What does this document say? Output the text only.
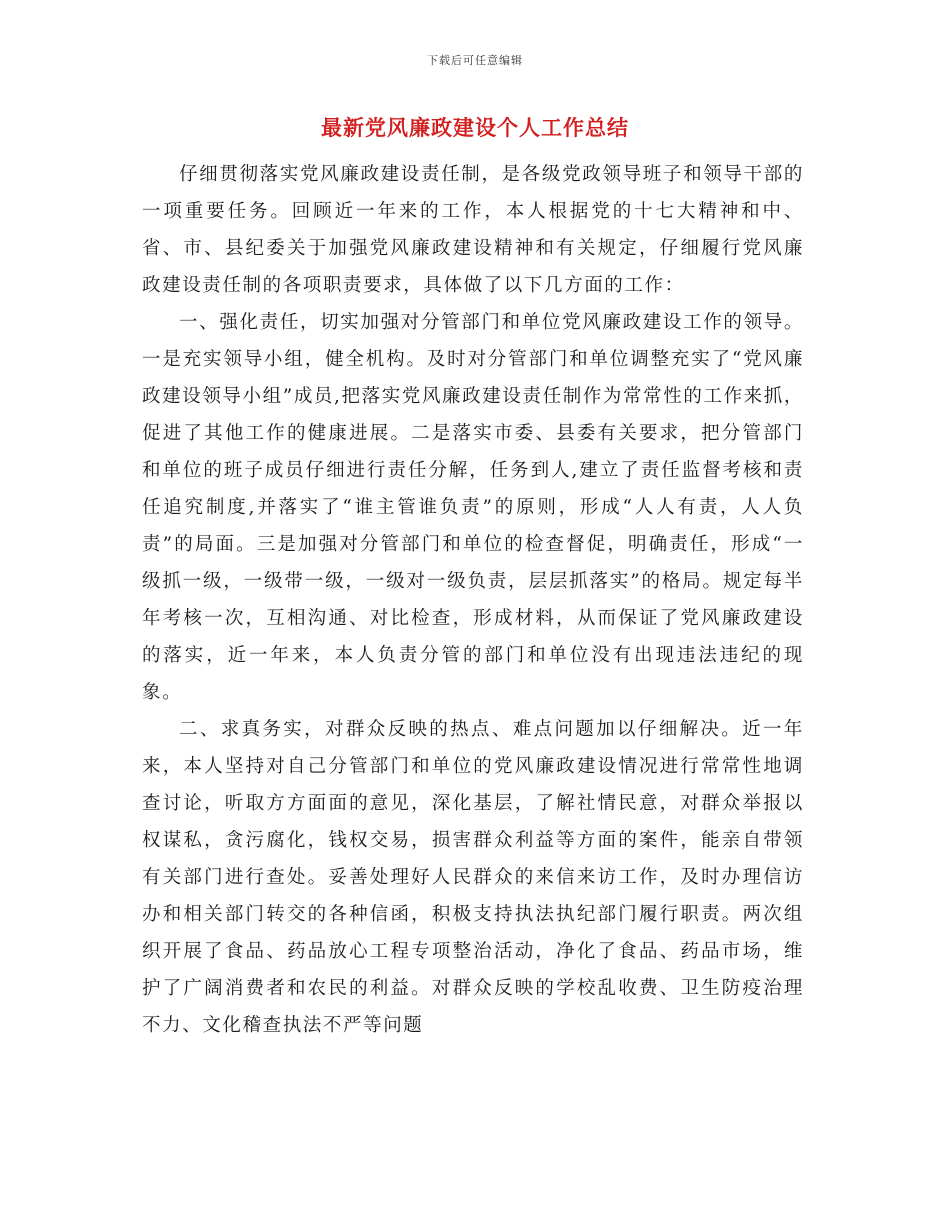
下载后可任意编辑
最新党风廉政建设个人工作总结

仔细贯彻落实党风廉政建设责任制，是各级党政领导班子和领导干部的一项重要任务。回顾近一年来的工作，本人根据党的十七大精神和中、省、市、县纪委关于加强党风廉政建设精神和有关规定，仔细履行党风廉政建设责任制的各项职责要求，具体做了以下几方面的工作：

一、强化责任，切实加强对分管部门和单位党风廉政建设工作的领导。一是充实领导小组，健全机构。及时对分管部门和单位调整充实了“党风廉政建设领导小组”成员,把落实党风廉政建设责任制作为常常性的工作来抓，促进了其他工作的健康进展。二是落实市委、县委有关要求，把分管部门和单位的班子成员仔细进行责任分解，任务到人,建立了责任监督考核和责任追究制度,并落实了“谁主管谁负责”的原则，形成“人人有责，人人负责”的局面。三是加强对分管部门和单位的检查督促，明确责任，形成“一级抓一级，一级带一级，一级对一级负责，层层抓落实”的格局。规定每半年考核一次，互相沟通、对比检查，形成材料，从而保证了党风廉政建设的落实，近一年来，本人负责分管的部门和单位没有出现违法违纪的现象。

二、求真务实，对群众反映的热点、难点问题加以仔细解决。近一年来，本人坚持对自己分管部门和单位的党风廉政建设情况进行常常性地调查讨论，听取方方面面的意见，深化基层，了解社情民意，对群众举报以权谋私，贪污腐化，钱权交易，损害群众利益等方面的案件，能亲自带领有关部门进行查处。妥善处理好人民群众的来信来访工作，及时办理信访办和相关部门转交的各种信函，积极支持执法执纪部门履行职责。两次组织开展了食品、药品放心工程专项整治活动，净化了食品、药品市场，维护了广阔消费者和农民的利益。对群众反映的学校乱收费、卫生防疫治理不力、文化稽查执法不严等问题
